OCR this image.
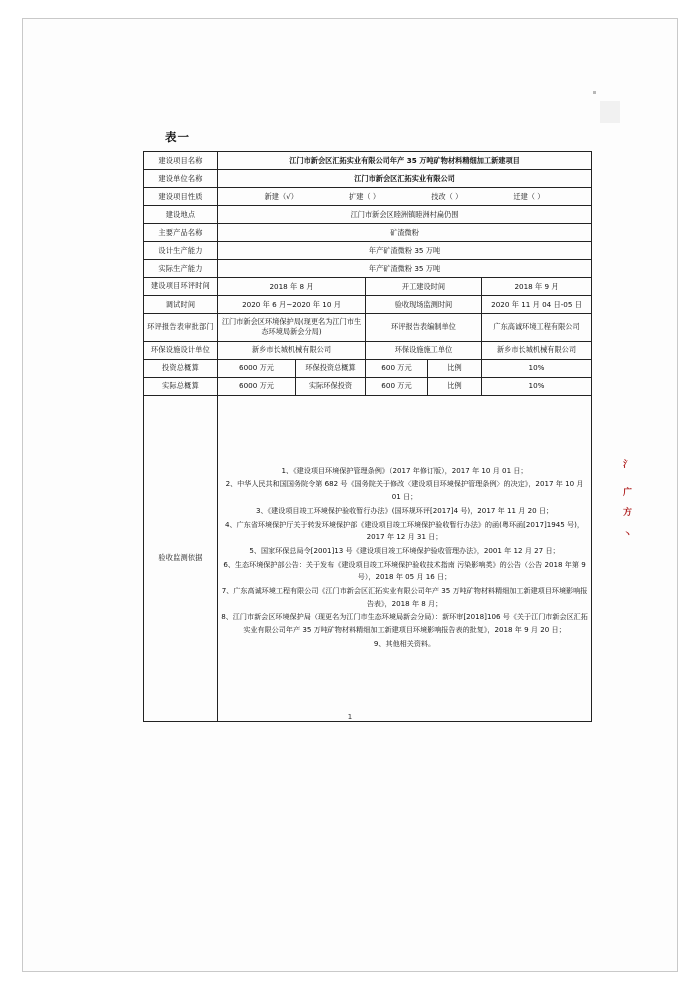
表一
建设项目名称	江门市新会区汇拓实业有限公司年产 35 万吨矿物材料精细加工新建项目				
建设单位名称	江门市新会区汇拓实业有限公司				
建设项目性质	新建（√） 扩建（ ） 技改（ ） 迁建（ ）				

建设地点	江门市新会区睦洲镇睦洲村扁仍围				
主要产品名称	矿渣微粉				
设计生产能力	年产矿渣微粉 35 万吨				
实际生产能力	年产矿渣微粉 35 万吨				
建设项目环评时间	2018 年 8 月		开工建设时间		2018 年 9 月
调试时间	2020 年 6 月~2020 年 10 月		验收现场监测时间		2020 年 11 月 04 日-05 日
环评报告表审批部门	江门市新会区环境保护局(现更名为江门市生态环境局新会分局)		环评报告表编制单位		广东高诚环境工程有限公司
环保设施设计单位	新乡市长城机械有限公司		环保设施施工单位		新乡市长城机械有限公司
投资总概算	6000 万元	环保投资总概算	600 万元	比例	10%
实际总概算	6000 万元	实际环保投资	600 万元	比例	10%
验收监测依据	

1、《建设项目环境保护管理条例》（2017 年修订版），2017 年 10 月 01 日；

2、中华人民共和国国务院令第 682 号《国务院关于修改〈建设项目环境保护管理条例〉的决定》，2017 年 10 月 01 日；

3、《建设项目竣工环境保护验收暂行办法》(国环规环评[2017]4 号)，2017 年 11 月 20 日；

4、广东省环境保护厅关于转发环境保护部《建设项目竣工环境保护验收暂行办法》的函(粤环函[2017]1945 号)，2017 年 12 月 31 日；

5、国家环保总局令[2001]13 号《建设项目竣工环境保护验收管理办法》，2001 年 12 月 27 日；

6、生态环境保护部公告：关于发布《建设项目竣工环境保护验收技术指南 污染影响类》的公告（公告 2018 年第 9 号），2018 年 05 月 16 日；

7、广东高诚环境工程有限公司《江门市新会区汇拓实业有限公司年产 35 万吨矿物材料精细加工新建项目环境影响报告表》，2018 年 8 月；

8、江门市新会区环境保护局（现更名为江门市生态环境局新会分局）：新环审[2018]106 号《关于江门市新会区汇拓实业有限公司年产 35 万吨矿物材料精细加工新建项目环境影响报告表的批复》，2018 年 9 月 20 日；

9、其他相关资料。

1
氵
广
方
丶
